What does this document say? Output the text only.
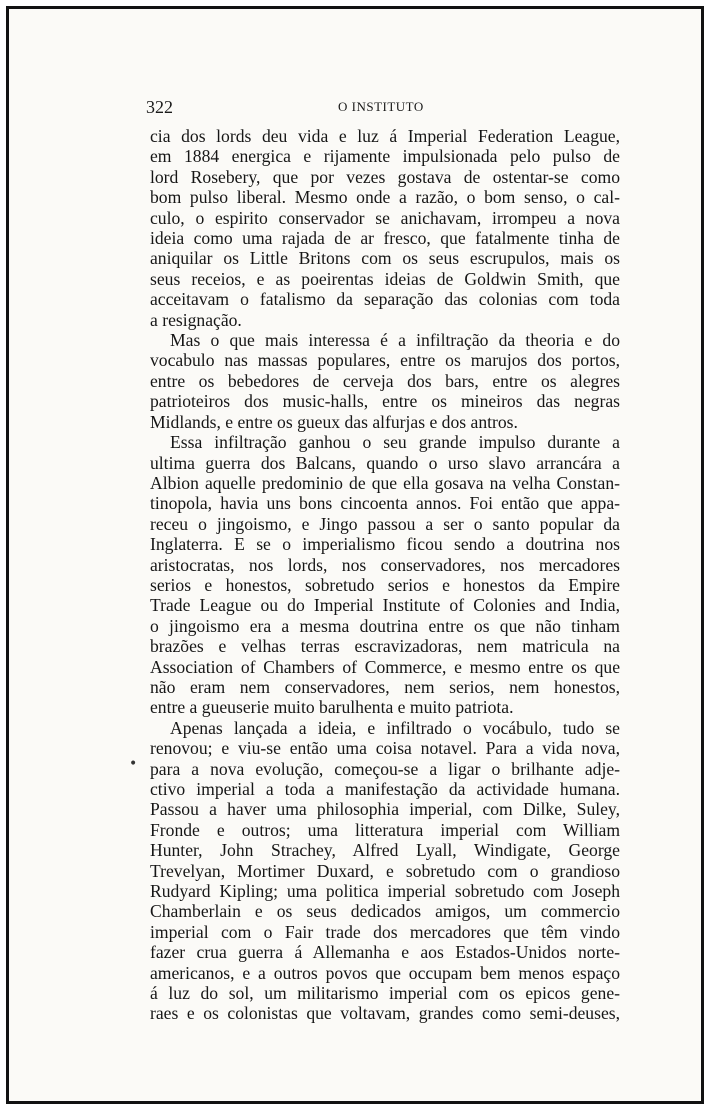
322	O INSTITUTO
•
cia dos lords deu vida e luz á Imperial Federation League,
em 1884 energica e rijamente impulsionada pelo pulso de
lord Rosebery, que por vezes gostava de ostentar-se como
bom pulso liberal. Mesmo onde a razão, o bom senso, o cal-
culo, o espirito conservador se anichavam, irrompeu a nova
ideia como uma rajada de ar fresco, que fatalmente tinha de
aniquilar os Little Britons com os seus escrupulos, mais os
seus receios, e as poeirentas ideias de Goldwin Smith, que
acceitavam o fatalismo da separação das colonias com toda
a resignação.
Mas o que mais interessa é a infiltração da theoria e do
vocabulo nas massas populares, entre os marujos dos portos,
entre os bebedores de cerveja dos bars, entre os alegres
patrioteiros dos music-halls, entre os mineiros das negras
Midlands, e entre os gueux das alfurjas e dos antros.
Essa infiltração ganhou o seu grande impulso durante a
ultima guerra dos Balcans, quando o urso slavo arrancára a
Albion aquelle predominio de que ella gosava na velha Constan-
tinopola, havia uns bons cincoenta annos. Foi então que appa-
receu o jingoismo, e Jingo passou a ser o santo popular da
Inglaterra. E se o imperialismo ficou sendo a doutrina nos
aristocratas, nos lords, nos conservadores, nos mercadores
serios e honestos, sobretudo serios e honestos da Empire
Trade League ou do Imperial Institute of Colonies and India,
o jingoismo era a mesma doutrina entre os que não tinham
brazões e velhas terras escravizadoras, nem matricula na
Association of Chambers of Commerce, e mesmo entre os que
não eram nem conservadores, nem serios, nem honestos,
entre a gueuserie muito barulhenta e muito patriota.
Apenas lançada a ideia, e infiltrado o vocábulo, tudo se
renovou; e viu-se então uma coisa notavel. Para a vida nova,
para a nova evolução, começou-se a ligar o brilhante adje-
ctivo imperial a toda a manifestação da actividade humana.
Passou a haver uma philosophia imperial, com Dilke, Suley,
Fronde e outros; uma litteratura imperial com William
Hunter, John Strachey, Alfred Lyall, Windigate, George
Trevelyan, Mortimer Duxard, e sobretudo com o grandioso
Rudyard Kipling; uma politica imperial sobretudo com Joseph
Chamberlain e os seus dedicados amigos, um commercio
imperial com o Fair trade dos mercadores que têm vindo
fazer crua guerra á Allemanha e aos Estados-Unidos norte-
americanos, e a outros povos que occupam bem menos espaço
á luz do sol, um militarismo imperial com os epicos gene-
raes e os colonistas que voltavam, grandes como semi-deuses,
